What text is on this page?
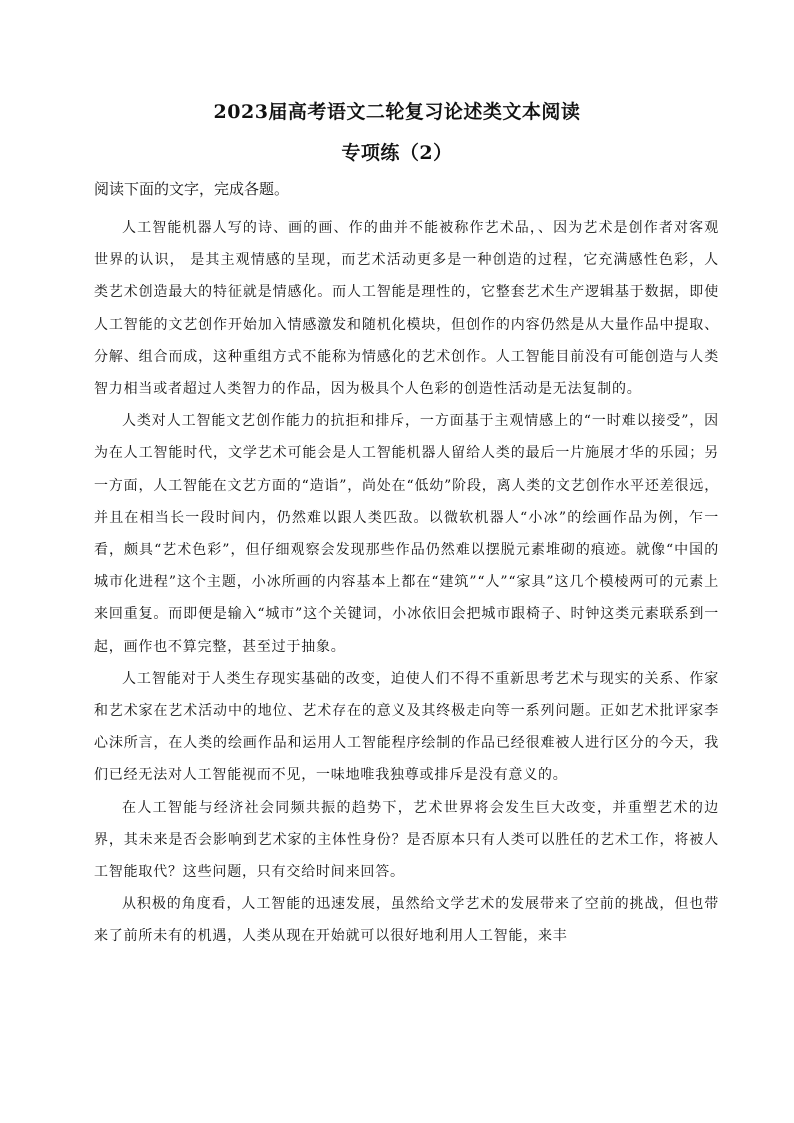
2023届高考语文二轮复习论述类文本阅读
专项练（2）
阅读下面的文字，完成各题。

人工智能机器人写的诗、画的画、作的曲并不能被称作艺术品，、因为艺术是创作者对客观世界的认识， 是其主观情感的呈现，而艺术活动更多是一种创造的过程，它充满感性色彩，人类艺术创造最大的特征就是情感化。而人工智能是理性的，它整套艺术生产逻辑基于数据，即使人工智能的文艺创作开始加入情感激发和随机化模块，但创作的内容仍然是从大量作品中提取、分解、组合而成，这种重组方式不能称为情感化的艺术创作。人工智能目前没有可能创造与人类智力相当或者超过人类智力的作品，因为极具个人色彩的创造性活动是无法复制的。

人类对人工智能文艺创作能力的抗拒和排斥，一方面基于主观情感上的“一时难以接受”，因为在人工智能时代，文学艺术可能会是人工智能机器人留给人类的最后一片施展才华的乐园；另一方面，人工智能在文艺方面的“造诣”，尚处在“低幼”阶段，离人类的文艺创作水平还差很远，并且在相当长一段时间内，仍然难以跟人类匹敌。以微软机器人“小冰”的绘画作品为例，乍一看，颇具“艺术色彩”，但仔细观察会发现那些作品仍然难以摆脱元素堆砌的痕迹。就像“中国的城市化进程”这个主题，小冰所画的内容基本上都在“建筑”“人”“家具”这几个模棱两可的元素上来回重复。而即便是输入“城市”这个关键词，小冰依旧会把城市跟椅子、时钟这类元素联系到一起，画作也不算完整，甚至过于抽象。

人工智能对于人类生存现实基础的改变，迫使人们不得不重新思考艺术与现实的关系、作家和艺术家在艺术活动中的地位、艺术存在的意义及其终极走向等一系列问题。正如艺术批评家李心沫所言，在人类的绘画作品和运用人工智能程序绘制的作品已经很难被人进行区分的今天，我们已经无法对人工智能视而不见，一味地唯我独尊或排斥是没有意义的。

在人工智能与经济社会同频共振的趋势下，艺术世界将会发生巨大改变，并重塑艺术的边界，其未来是否会影响到艺术家的主体性身份？是否原本只有人类可以胜任的艺术工作，将被人工智能取代？这些问题，只有交给时间来回答。

从积极的角度看，人工智能的迅速发展，虽然给文学艺术的发展带来了空前的挑战，但也带来了前所未有的机遇，人类从现在开始就可以很好地利用人工智能，来丰
